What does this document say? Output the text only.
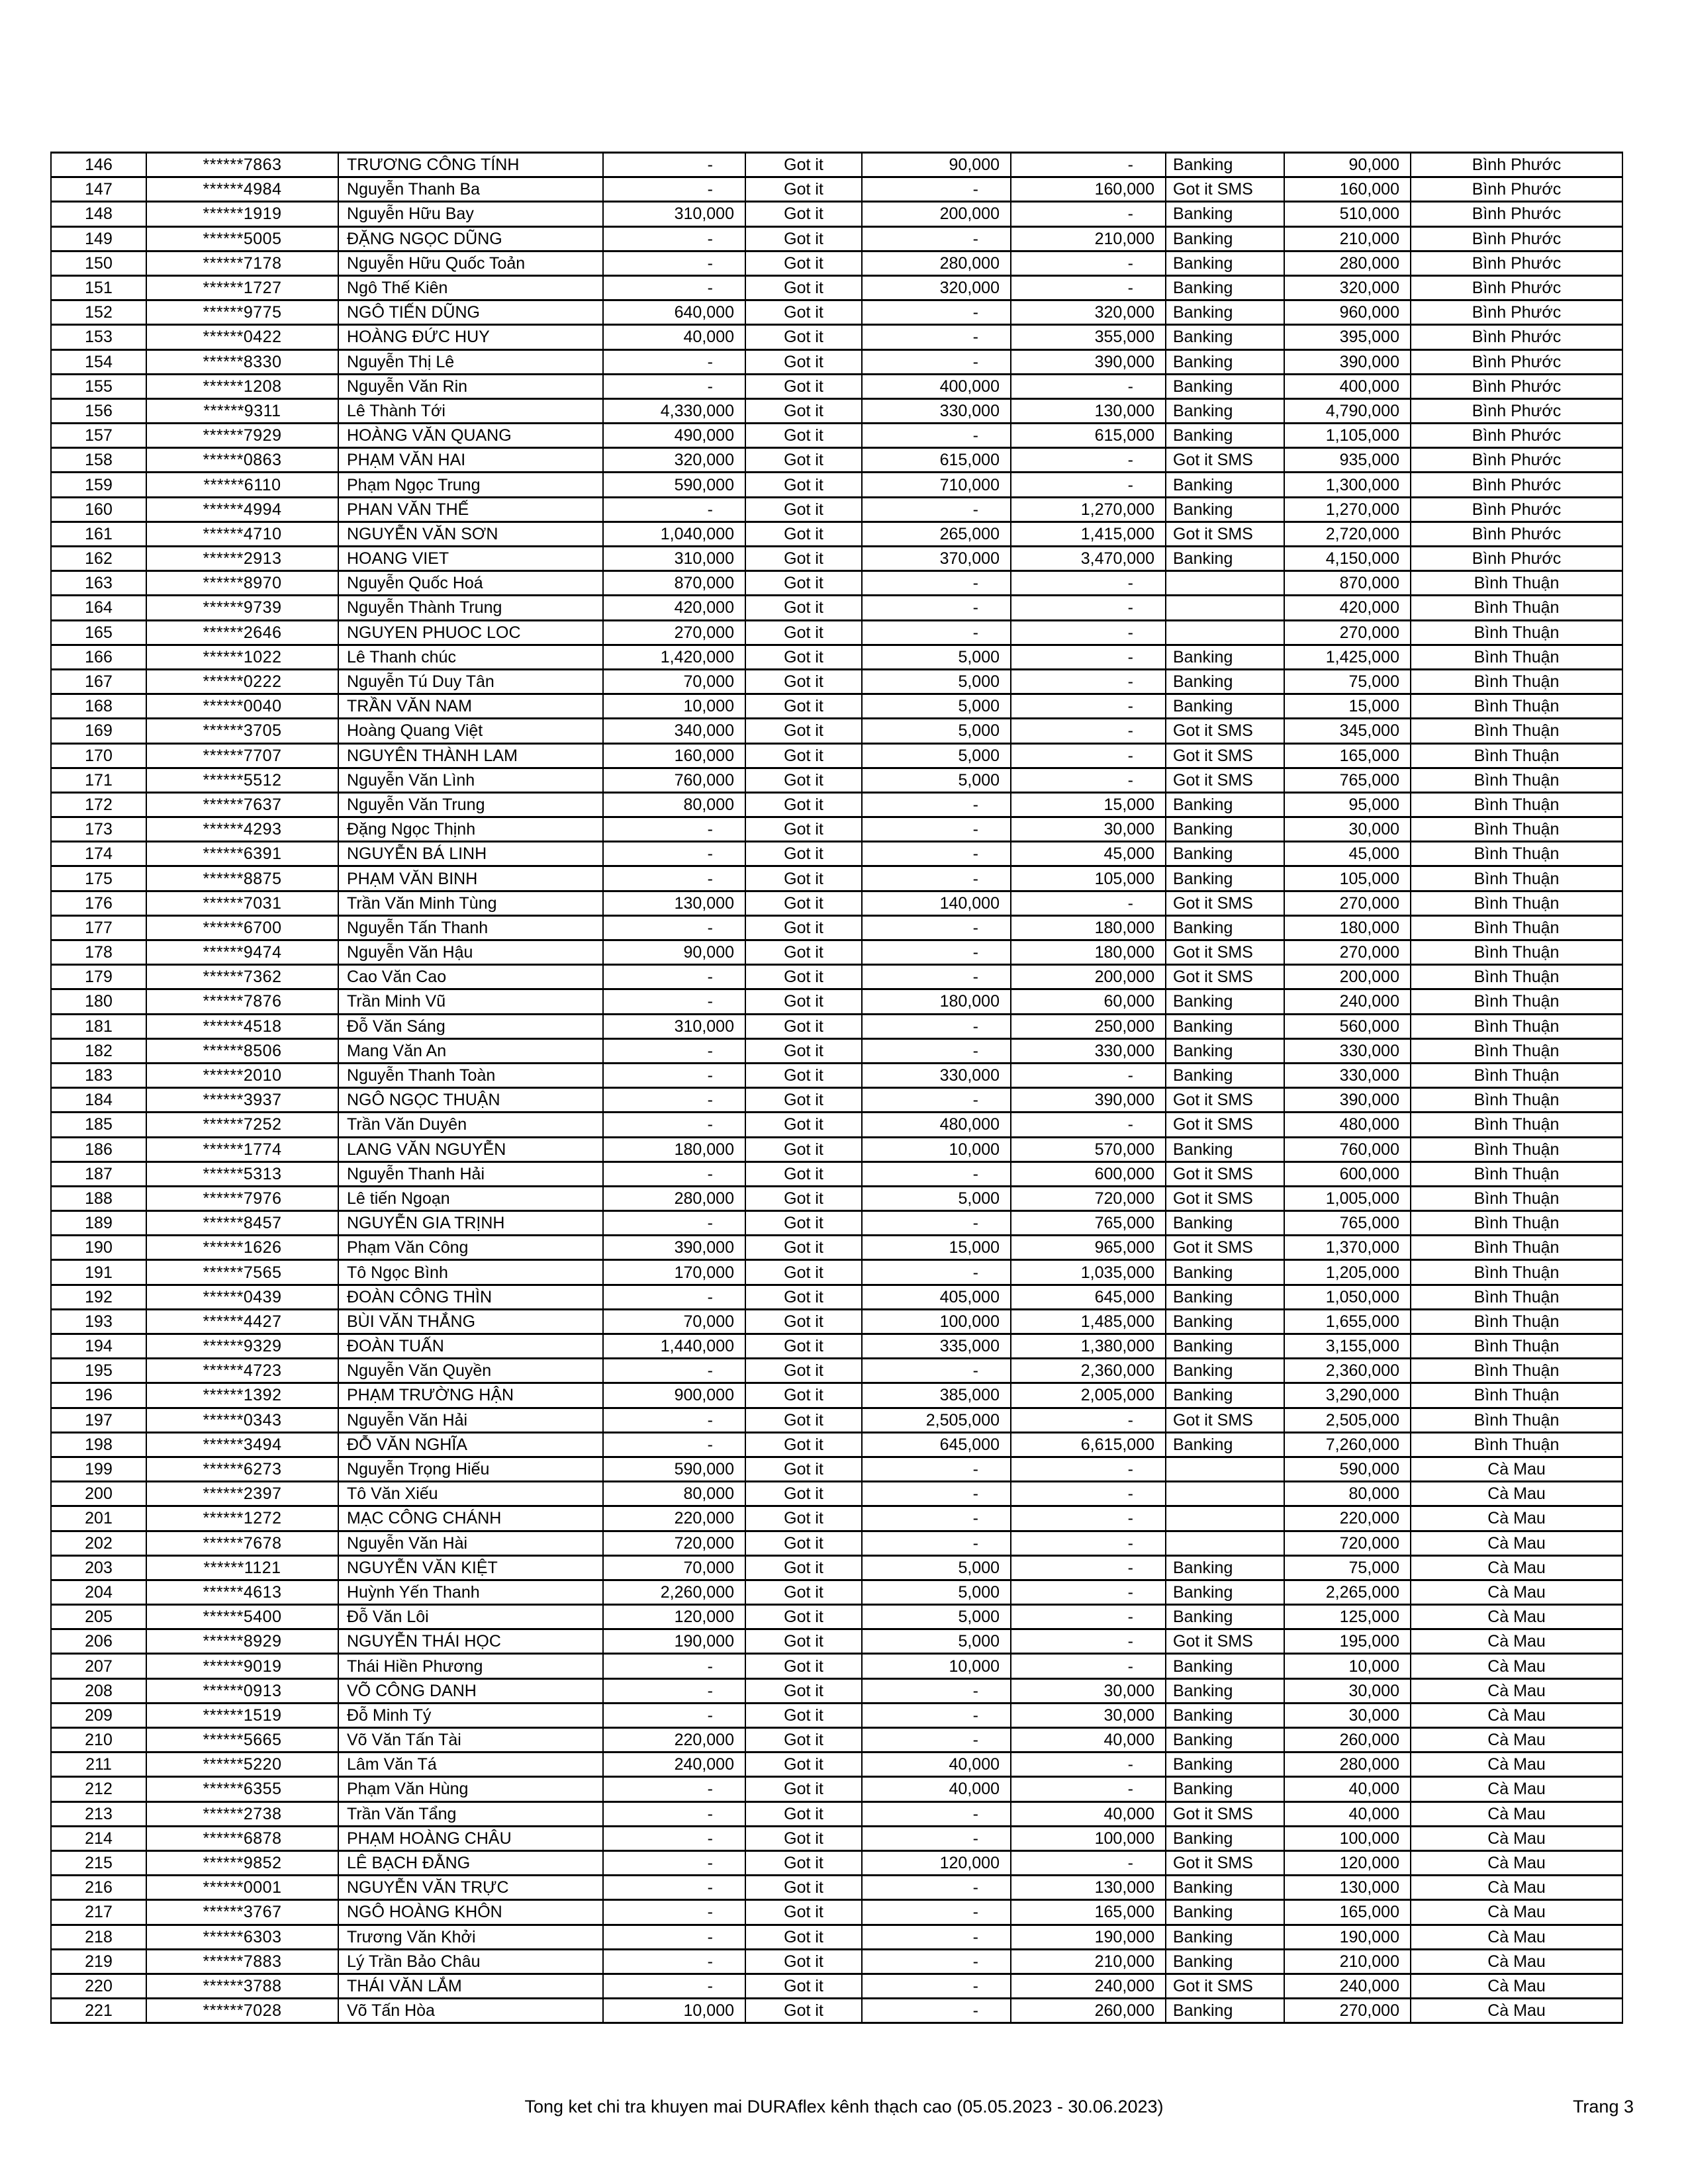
146	******7863	TRƯƠNG CÔNG TÍNH	-	Got it	90,000	-	Banking	90,000	Bình Phước
147	******4984	Nguyễn Thanh Ba	-	Got it	-	160,000	Got it SMS	160,000	Bình Phước
148	******1919	Nguyễn Hữu Bay	310,000	Got it	200,000	-	Banking	510,000	Bình Phước
149	******5005	ĐẶNG NGỌC DŨNG	-	Got it	-	210,000	Banking	210,000	Bình Phước
150	******7178	Nguyễn Hữu Quốc Toản	-	Got it	280,000	-	Banking	280,000	Bình Phước
151	******1727	Ngô Thế Kiên	-	Got it	320,000	-	Banking	320,000	Bình Phước
152	******9775	NGÔ TIẾN DŨNG	640,000	Got it	-	320,000	Banking	960,000	Bình Phước
153	******0422	HOÀNG ĐỨC HUY	40,000	Got it	-	355,000	Banking	395,000	Bình Phước
154	******8330	Nguyễn Thị Lê	-	Got it	-	390,000	Banking	390,000	Bình Phước
155	******1208	Nguyễn Văn Rin	-	Got it	400,000	-	Banking	400,000	Bình Phước
156	******9311	Lê Thành Tới	4,330,000	Got it	330,000	130,000	Banking	4,790,000	Bình Phước
157	******7929	HOÀNG VĂN QUANG	490,000	Got it	-	615,000	Banking	1,105,000	Bình Phước
158	******0863	PHẠM VĂN HAI	320,000	Got it	615,000	-	Got it SMS	935,000	Bình Phước
159	******6110	Phạm Ngọc Trung	590,000	Got it	710,000	-	Banking	1,300,000	Bình Phước
160	******4994	PHAN VĂN THẾ	-	Got it	-	1,270,000	Banking	1,270,000	Bình Phước
161	******4710	NGUYỄN VĂN SƠN	1,040,000	Got it	265,000	1,415,000	Got it SMS	2,720,000	Bình Phước
162	******2913	HOANG VIET	310,000	Got it	370,000	3,470,000	Banking	4,150,000	Bình Phước
163	******8970	Nguyễn Quốc Hoá	870,000	Got it	-	-		870,000	Bình Thuận
164	******9739	Nguyễn Thành Trung	420,000	Got it	-	-		420,000	Bình Thuận
165	******2646	NGUYEN PHUOC LOC	270,000	Got it	-	-		270,000	Bình Thuận
166	******1022	Lê Thanh chúc	1,420,000	Got it	5,000	-	Banking	1,425,000	Bình Thuận
167	******0222	Nguyễn Tú Duy Tân	70,000	Got it	5,000	-	Banking	75,000	Bình Thuận
168	******0040	TRẦN VĂN NAM	10,000	Got it	5,000	-	Banking	15,000	Bình Thuận
169	******3705	Hoàng Quang Việt	340,000	Got it	5,000	-	Got it SMS	345,000	Bình Thuận
170	******7707	NGUYÊN THÀNH LAM	160,000	Got it	5,000	-	Got it SMS	165,000	Bình Thuận
171	******5512	Nguyễn Văn Lình	760,000	Got it	5,000	-	Got it SMS	765,000	Bình Thuận
172	******7637	Nguyễn Văn Trung	80,000	Got it	-	15,000	Banking	95,000	Bình Thuận
173	******4293	Đặng Ngọc Thịnh	-	Got it	-	30,000	Banking	30,000	Bình Thuận
174	******6391	NGUYỄN BÁ LINH	-	Got it	-	45,000	Banking	45,000	Bình Thuận
175	******8875	PHẠM VĂN BINH	-	Got it	-	105,000	Banking	105,000	Bình Thuận
176	******7031	Trần Văn Minh Tùng	130,000	Got it	140,000	-	Got it SMS	270,000	Bình Thuận
177	******6700	Nguyễn Tấn Thanh	-	Got it	-	180,000	Banking	180,000	Bình Thuận
178	******9474	Nguyễn Văn Hậu	90,000	Got it	-	180,000	Got it SMS	270,000	Bình Thuận
179	******7362	Cao Văn Cao	-	Got it	-	200,000	Got it SMS	200,000	Bình Thuận
180	******7876	Trần Minh Vũ	-	Got it	180,000	60,000	Banking	240,000	Bình Thuận
181	******4518	Đỗ Văn Sáng	310,000	Got it	-	250,000	Banking	560,000	Bình Thuận
182	******8506	Mang Văn An	-	Got it	-	330,000	Banking	330,000	Bình Thuận
183	******2010	Nguyễn Thanh Toàn	-	Got it	330,000	-	Banking	330,000	Bình Thuận
184	******3937	NGÔ NGỌC THUẬN	-	Got it	-	390,000	Got it SMS	390,000	Bình Thuận
185	******7252	Trần Văn Duyên	-	Got it	480,000	-	Got it SMS	480,000	Bình Thuận
186	******1774	LANG VĂN NGUYỄN	180,000	Got it	10,000	570,000	Banking	760,000	Bình Thuận
187	******5313	Nguyễn Thanh Hải	-	Got it	-	600,000	Got it SMS	600,000	Bình Thuận
188	******7976	Lê tiến Ngoạn	280,000	Got it	5,000	720,000	Got it SMS	1,005,000	Bình Thuận
189	******8457	NGUYỄN GIA TRỊNH	-	Got it	-	765,000	Banking	765,000	Bình Thuận
190	******1626	Phạm Văn Công	390,000	Got it	15,000	965,000	Got it SMS	1,370,000	Bình Thuận
191	******7565	Tô Ngọc Bình	170,000	Got it	-	1,035,000	Banking	1,205,000	Bình Thuận
192	******0439	ĐOÀN CÔNG THÌN	-	Got it	405,000	645,000	Banking	1,050,000	Bình Thuận
193	******4427	BÙI VĂN THẮNG	70,000	Got it	100,000	1,485,000	Banking	1,655,000	Bình Thuận
194	******9329	ĐOÀN TUẤN	1,440,000	Got it	335,000	1,380,000	Banking	3,155,000	Bình Thuận
195	******4723	Nguyễn Văn Quyền	-	Got it	-	2,360,000	Banking	2,360,000	Bình Thuận
196	******1392	PHẠM TRƯỜNG HẬN	900,000	Got it	385,000	2,005,000	Banking	3,290,000	Bình Thuận
197	******0343	Nguyễn Văn Hải	-	Got it	2,505,000	-	Got it SMS	2,505,000	Bình Thuận
198	******3494	ĐỖ VĂN NGHĨA	-	Got it	645,000	6,615,000	Banking	7,260,000	Bình Thuận
199	******6273	Nguyễn Trọng Hiếu	590,000	Got it	-	-		590,000	Cà Mau
200	******2397	Tô Văn Xiếu	80,000	Got it	-	-		80,000	Cà Mau
201	******1272	MẠC CÔNG CHÁNH	220,000	Got it	-	-		220,000	Cà Mau
202	******7678	Nguyễn Văn Hài	720,000	Got it	-	-		720,000	Cà Mau
203	******1121	NGUYỄN VĂN KIỆT	70,000	Got it	5,000	-	Banking	75,000	Cà Mau
204	******4613	Huỳnh Yến Thanh	2,260,000	Got it	5,000	-	Banking	2,265,000	Cà Mau
205	******5400	Đỗ Văn Lôi	120,000	Got it	5,000	-	Banking	125,000	Cà Mau
206	******8929	NGUYỄN THÁI HỌC	190,000	Got it	5,000	-	Got it SMS	195,000	Cà Mau
207	******9019	Thái Hiền Phương	-	Got it	10,000	-	Banking	10,000	Cà Mau
208	******0913	VÕ CÔNG DANH	-	Got it	-	30,000	Banking	30,000	Cà Mau
209	******1519	Đỗ Minh Tý	-	Got it	-	30,000	Banking	30,000	Cà Mau
210	******5665	Võ Văn Tấn Tài	220,000	Got it	-	40,000	Banking	260,000	Cà Mau
211	******5220	Lâm Văn Tá	240,000	Got it	40,000	-	Banking	280,000	Cà Mau
212	******6355	Phạm Văn Hùng	-	Got it	40,000	-	Banking	40,000	Cà Mau
213	******2738	Trần Văn Tẩng	-	Got it	-	40,000	Got it SMS	40,000	Cà Mau
214	******6878	PHẠM HOÀNG CHÂU	-	Got it	-	100,000	Banking	100,000	Cà Mau
215	******9852	LÊ BẠCH ĐẰNG	-	Got it	120,000	-	Got it SMS	120,000	Cà Mau
216	******0001	NGUYỄN VĂN TRỰC	-	Got it	-	130,000	Banking	130,000	Cà Mau
217	******3767	NGÔ HOÀNG KHÔN	-	Got it	-	165,000	Banking	165,000	Cà Mau
218	******6303	Trương Văn Khởi	-	Got it	-	190,000	Banking	190,000	Cà Mau
219	******7883	Lý Trần Bảo Châu	-	Got it	-	210,000	Banking	210,000	Cà Mau
220	******3788	THÁI VĂN LẮM	-	Got it	-	240,000	Got it SMS	240,000	Cà Mau
221	******7028	Võ Tấn Hòa	10,000	Got it	-	260,000	Banking	270,000	Cà Mau
Tong ket chi tra khuyen mai DURAflex kênh thạch cao (05.05.2023 - 30.06.2023)	Trang 3
